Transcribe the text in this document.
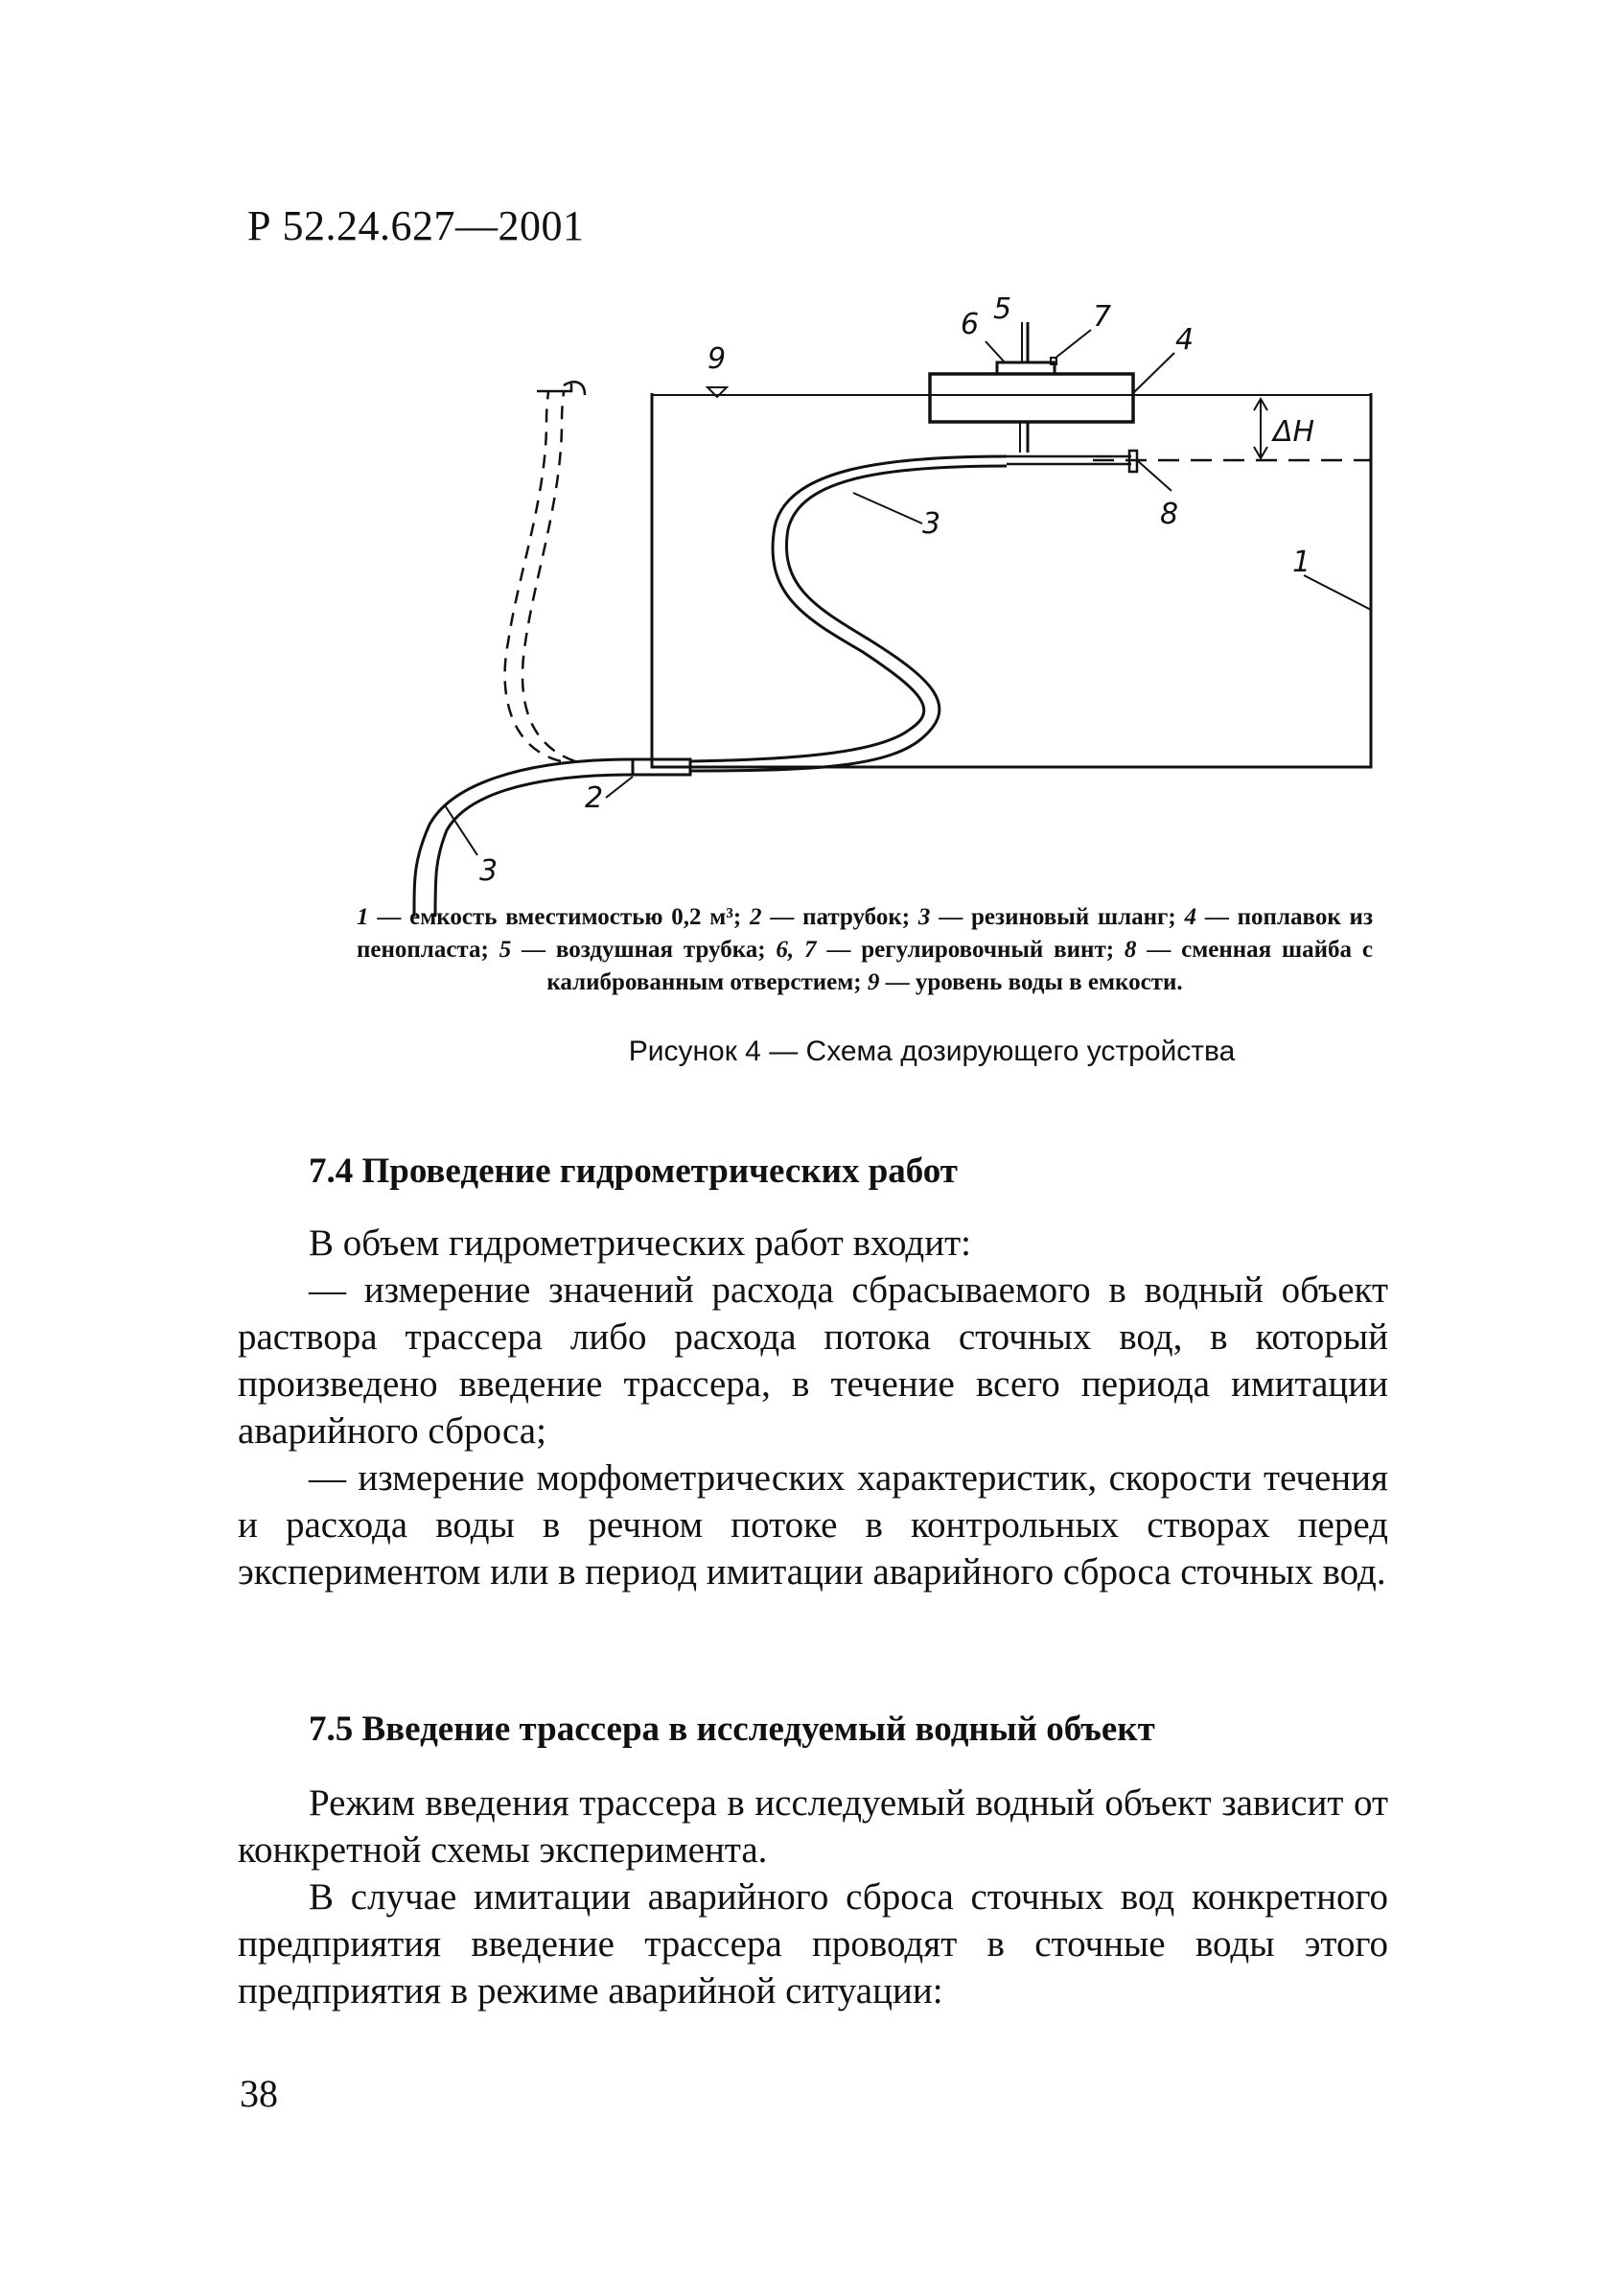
Р 52.24.627—2001
1
2
3
3
4
5
6	7
8
9
ΔH
1 — емкость вместимостью 0,2 м³; 2 — патрубок; 3 — резиновый шланг; 4 — поплавок из пенопласта; 5 — воздушная трубка; 6, 7 — регулировочный винт; 8 — сменная шайба с калиброванным отверстием; 9 — уровень воды в емкости.
Рисунок 4 — Схема дозирующего устройства
7.4 Проведение гидрометрических работ

В объем гидрометрических работ входит:

— измерение значений расхода сбрасываемого в водный объект раствора трассера либо расхода потока сточных вод, в который произведено введение трассера, в течение всего периода имитации аварийного сброса;

— измерение морфометрических характеристик, скорости течения и расхода воды в речном потоке в контрольных створах перед экспериментом или в период имитации аварийного сброса сточных вод.

7.5 Введение трассера в исследуемый водный объект

Режим введения трассера в исследуемый водный объект зависит от конкретной схемы эксперимента.

В случае имитации аварийного сброса сточных вод конкретного предприятия введение трассера проводят в сточные воды этого предприятия в режиме аварийной ситуации:

38
